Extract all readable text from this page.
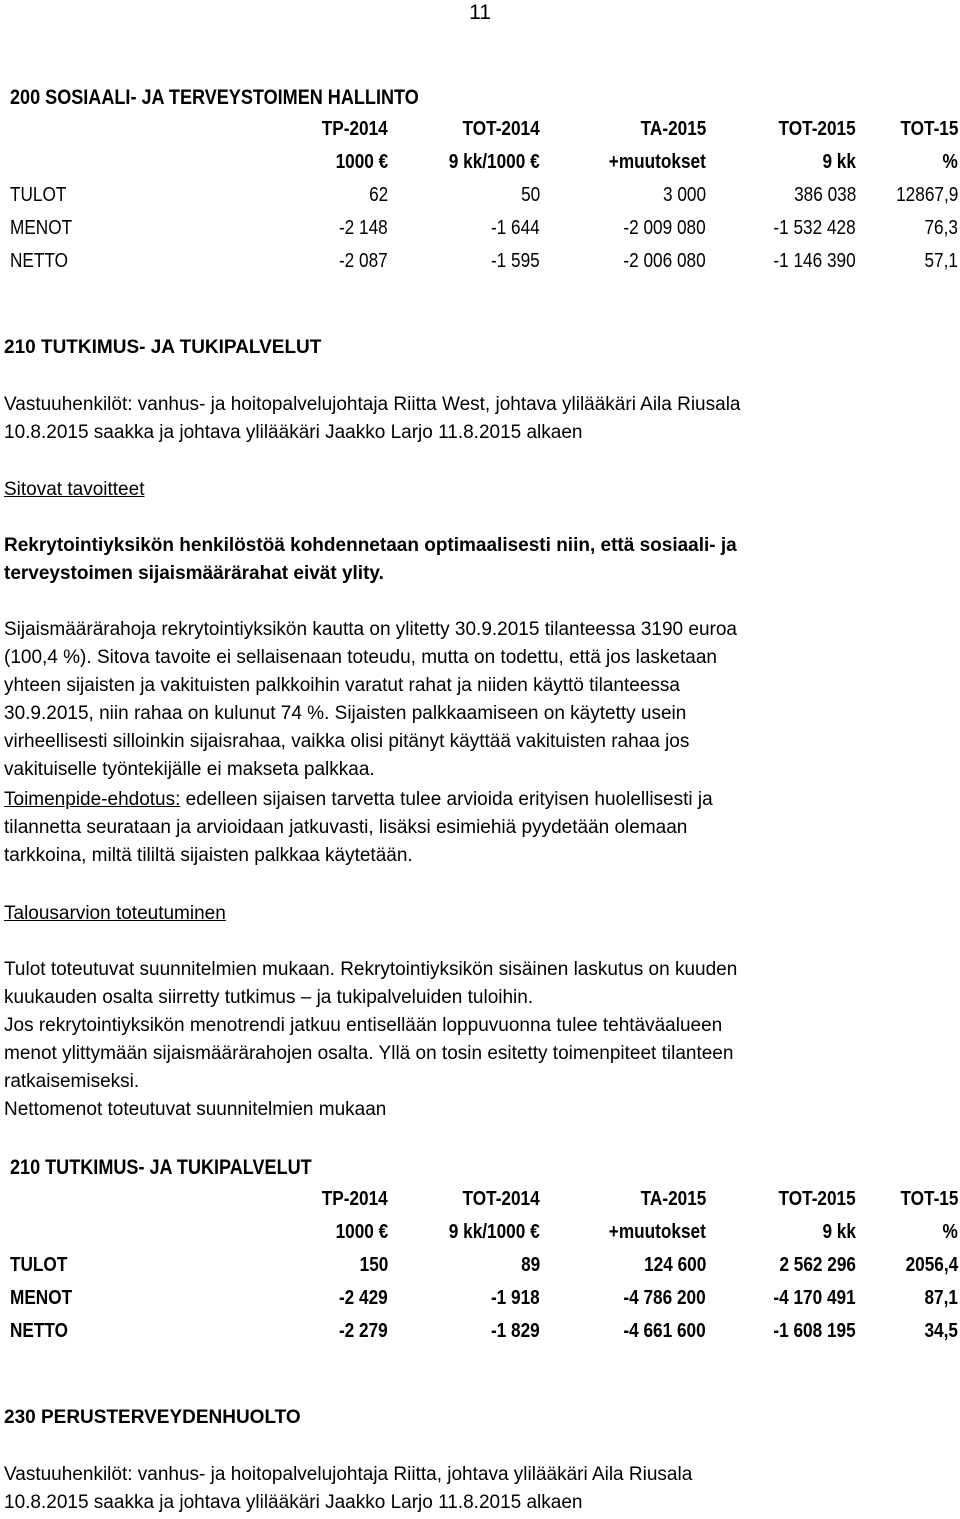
11
200 SOSIAALI- JA TERVEYSTOIMEN HALLINTO
TP-2014	TOT-2014	TA-2015	TOT-2015	TOT-15
1000 €	9 kk/1000 €	+muutokset	9 kk	%
TULOT	62	50	3 000	386 038	12867,9
MENOT	-2 148	-1 644	-2 009 080	-1 532 428	76,3
NETTO	-2 087	-1 595	-2 006 080	-1 146 390	57,1
210 TUTKIMUS- JA TUKIPALVELUT
Vastuuhenkilöt: vanhus- ja hoitopalvelujohtaja Riitta West, johtava ylilääkäri Aila Riusala
10.8.2015 saakka ja johtava ylilääkäri Jaakko Larjo 11.8.2015 alkaen
Sitovat tavoitteet
Rekrytointiyksikön henkilöstöä kohdennetaan optimaalisesti niin, että sosiaali- ja
terveystoimen sijaismäärärahat eivät ylity.
Sijaismäärärahoja rekrytointiyksikön kautta on ylitetty 30.9.2015 tilanteessa 3190 euroa
(100,4 %). Sitova tavoite ei sellaisenaan toteudu, mutta on todettu, että jos lasketaan
yhteen sijaisten ja vakituisten palkkoihin varatut rahat ja niiden käyttö tilanteessa
30.9.2015, niin rahaa on kulunut 74 %. Sijaisten palkkaamiseen on käytetty usein
virheellisesti silloinkin sijaisrahaa, vaikka olisi pitänyt käyttää vakituisten rahaa jos
vakituiselle työntekijälle ei makseta palkkaa.
Toimenpide-ehdotus: edelleen sijaisen tarvetta tulee arvioida erityisen huolellisesti ja
tilannetta seurataan ja arvioidaan jatkuvasti, lisäksi esimiehiä pyydetään olemaan
tarkkoina, miltä tililtä sijaisten palkkaa käytetään.
Talousarvion toteutuminen
Tulot toteutuvat suunnitelmien mukaan. Rekrytointiyksikön sisäinen laskutus on kuuden
kuukauden osalta siirretty tutkimus – ja tukipalveluiden tuloihin.
Jos rekrytointiyksikön menotrendi jatkuu entisellään loppuvuonna tulee tehtäväalueen
menot ylittymään sijaismäärärahojen osalta. Yllä on tosin esitetty toimenpiteet tilanteen
ratkaisemiseksi.
Nettomenot toteutuvat suunnitelmien mukaan
210 TUTKIMUS- JA TUKIPALVELUT
TP-2014	TOT-2014	TA-2015	TOT-2015	TOT-15
1000 €	9 kk/1000 €	+muutokset	9 kk	%
TULOT	150	89	124 600	2 562 296	2056,4
MENOT	-2 429	-1 918	-4 786 200	-4 170 491	87,1
NETTO	-2 279	-1 829	-4 661 600	-1 608 195	34,5
230 PERUSTERVEYDENHUOLTO
Vastuuhenkilöt: vanhus- ja hoitopalvelujohtaja Riitta, johtava ylilääkäri Aila Riusala
10.8.2015 saakka ja johtava ylilääkäri Jaakko Larjo 11.8.2015 alkaen
